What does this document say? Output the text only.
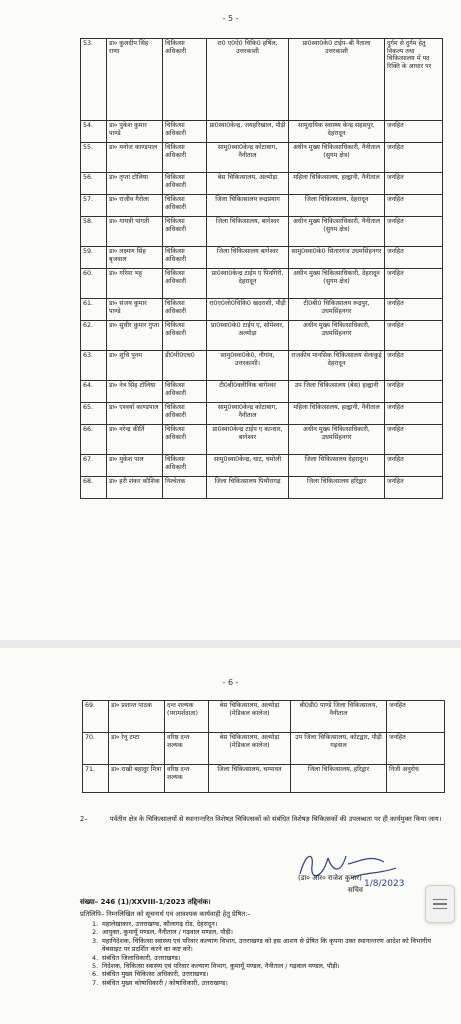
- 5 -
53.	डा० कुलदीप सिंह राणा	चिकित्सा अधिकारी	रा0 ए0ऐ0 चिकि0 हर्षिल, उत्तरकाशी	प्रा0स्वा0के0 टाईप–बी नैताला उत्तरकाशी	दुर्गम से दुर्गम हेतु विकल्प तथा चिकित्सालय में पद रिक्ति के आधार पर
54.	डा० पुकेश कुमार पाण्डे	चिकित्सा अधिकारी	प्रा0स्वा0केन्द्र, जयहरिखाल, पौड़ी	सामुदायिक स्वास्थ्य केन्द्र सहसपुर, देहरादून	जनहित
55.	डा० मनोज काण्डपाल	चिकित्सा अधिकारी	सामु0स्वा0केन्द्र कोटाबाग, नैनीताल	अधीन मुख्य चिकित्साधिकारी, नैनीताल (सुगम क्षेत्र)	जनहित
56.	डा० तृप्ता टोलिया	चिकित्सा अधिकारी	बेस चिकित्सालय, अल्मोड़ा	महिला चिकित्सालय, हल्द्वानी, नैनीताल	जनहित
57.	डा० राजीव गैरोला	चिकित्सा अधिकारी	जिला चिकित्सालय रूद्रप्रयाग	जिला चिकित्सालय, देहरादून	जनहित
58.	डा० गायत्री पांगती	चिकित्सा अधिकारी	जिला चिकित्सालय, बागेश्वर	अधीन मुख्य चिकित्साधिकारी, नैनीताल (सुगम क्षेत्र)	जनहित
59.	डा० लक्ष्मण सिंह बृजवाल	चिकित्सा अधिकारी	जिला चिकित्सालय बागेश्वर	सामु0स्वा0के0 सितारगंज उधमसिंहनगर	जनहित
60.	डा० गरिमा भट्ट	चिकित्सा अधिकारी	प्रा0स्वा0केन्द्र टाईप ए पिनगिरी, देहरादून	अधीन मुख्य चिकित्साधिकारी, देहरादून (सुगम क्षेत्र)	जनहित
61.	डा० संजय कुमार पाण्डे	चिकित्सा अधिकारी	रा0ए0लो0चिकि0 खदराशी, पौड़ी	टी0बी0 चिकित्सालय रूद्रपुर, उधमसिंहनगर	जनहित
62.	डा० सुधीर कुमार गुप्ता	चिकित्सा अधिकारी	प्रा0स्वा0के0 टाईप ए, सोमेश्वर, अल्मोड़ा	अधीन मुख्य चिकित्साधिकारी, उधमसिंहनगर	जनहित
63.	डा० शुचि पूनम	डी0पी0एच0	सामु0स्वा0के0, नौगांव, उत्तरकाशी।	राजकीय मानसिक चिकित्सालय सेलाकुई देहरादून	जनहित
64.	डा० नेत्र सिंह टोलिया	चिकित्सा अधिकारी	टी0बी0क्लीनिक बागेश्वर	उप जिला चिकित्सालय (बेस) हल्द्वानी	जनहित
65.	डा० एश्वर्या काण्डपाल	चिकित्सा अधिकारी	सामु0स्वा0केन्द्र कोटाबाग, नैनीताल	महिला चिकित्सालय, हल्द्वानी, नैनीताल	जनहित
66.	डा० नरेन्द्र कीर्ति	चिकित्सा अधिकारी	प्रा0स्वा0केन्द्र टाईप ए कान्धार, बागेश्वर	अधीन मुख्य चिकित्साधिकारी, उधमसिंहनगर	जनहित
67.	डा० मुकेश पाल	चिकित्सा अधिकारी	सामु0स्वा0केन्द्र, घाट, चमोली	जिला चिकित्सालय देहरादून।	जनहित
68.	डा० हरी शंकर कौशिक	निश्चेतक	जिला चिकित्सालय पिथौरागढ़	जिला चिकित्सालय हरिद्वार	जनहित
- 6 -
69.	डा० प्रशान्त पाठक	दन्त शल्यक (परामर्शदाता)	बेस चिकित्सालय, अल्मोड़ा (मेडिकल कालेज)	बी0डी0 पाण्डे जिला चिकित्सालय, नैनीताल	जनहित
70.	डा० रेनू टम्टा	वरिष्ठ दन्त शल्यक	बेस चिकित्सालय, अल्मोड़ा (मेडिकल कालेज)	उप जिला चिकित्सालय, कोटद्वार, पौड़ी गढ़वाल	जनहित
71.	डा० राखी बहादुर मित्रा	वरिष्ठ दन्त शल्यक	जिला चिकित्सालय, चम्पावत	जिला चिकित्सालय, हरिद्वार	निजी अनुरोध
2–	पर्वतीय क्षेत्र के चिकित्सालयों से स्थानान्तरित विशेषज्ञ चिकित्सकों को संबंधित विशेषज्ञ चिकित्सकों की उपलब्धता पर ही कार्यमुक्त किया जाय।
1/8/2023
(डा० आर० राजेश कुमार)
सचिव
संख्या– 246 (1)/XXVIII-1/2023 तद्दिनांक।
प्रतिलिपि– निम्नलिखित को सूचनार्थ एवं आवश्यक कार्यवाही हेतु प्रेषित:–
1. महालेखाकार, उत्तराखण्ड, कौलागढ़ रोड, देहरादून।
2. आयुक्त, कुमायूँ मण्डल, नैनीताल / गढ़वाल मण्डल, पौड़ी।
3. महानिदेशक, चिकित्सा स्वास्थ्य एवं परिवार कल्याण विभाग, उत्तराखण्ड को इस आशय से प्रेषित कि कृपया उक्त स्थानान्तरण आदेश को विभागीय वेबसाइट पर प्रदर्शित करने का कष्ट करें।
4. संबंधित जिलाधिकारी, उत्तराखण्ड।
5. निदेशक, चिकित्सा स्वास्थ्य एवं परिवार कल्याण विभाग, कुमायूँ मण्डल, नैनीताल / गढ़वाल मण्डल, पौड़ी।
6. संबंधित मुख्य चिकित्सा अधिकारी, उत्तराखण्ड।
7. संबंधित मुख्य कोषाधिकारी / कोषाधिकारी, उत्तराखण्ड।
